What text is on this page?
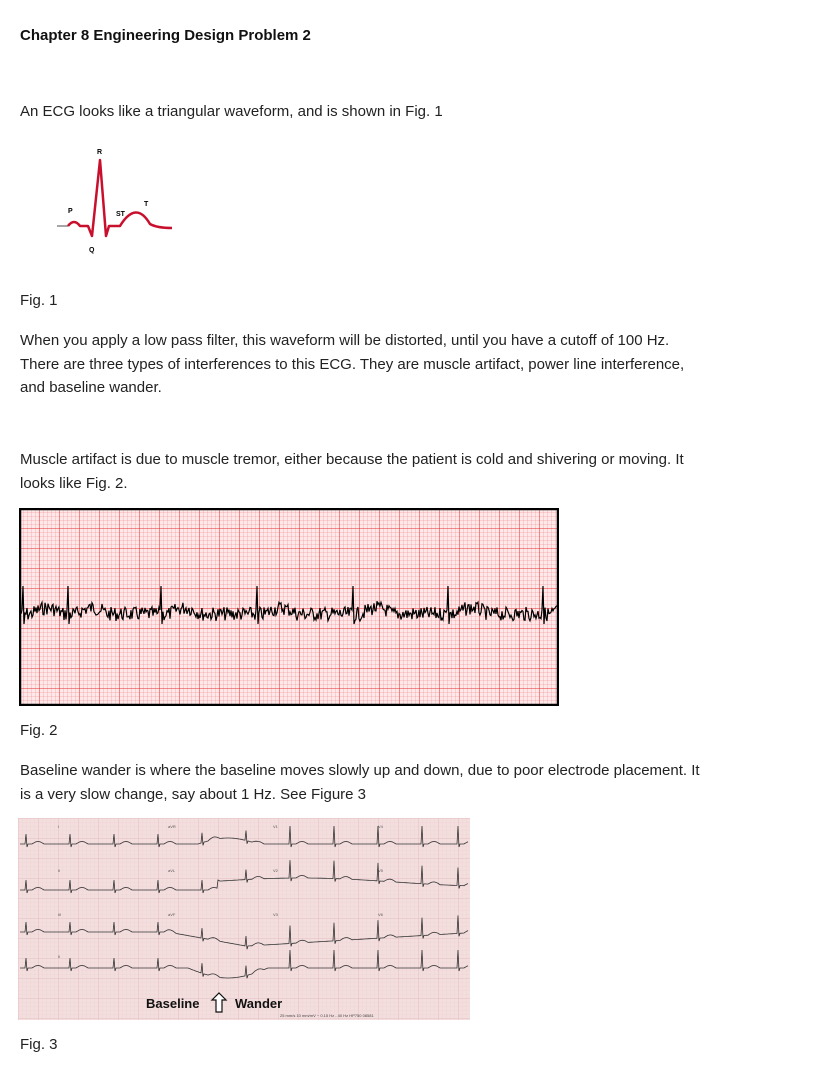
Chapter 8 Engineering Design Problem 2
An ECG looks like a triangular waveform, and is shown in Fig. 1
R
P	ST
T
Q
Fig. 1
When you apply a low pass filter, this waveform will be distorted, until you have a cutoff of 100 Hz.
There are three types of interferences to this ECG. They are muscle artifact, power line interference,
and baseline wander.
Muscle artifact is due to muscle tremor, either because the patient is cold and shivering or moving. It
looks like Fig. 2.
Fig. 2
Baseline wander is where the baseline moves slowly up and down, due to poor electrode placement. It
is a very slow change, say about 1 Hz. See Figure 3
I	aVR	V1	V4
II	aVL	V2	V5
III	aVF	V3	V6
II
Baseline	Wander
25 mm/s 10 mm/mV ~ 0.15 Hz - 40 Hz HP750 08581
Fig. 3
